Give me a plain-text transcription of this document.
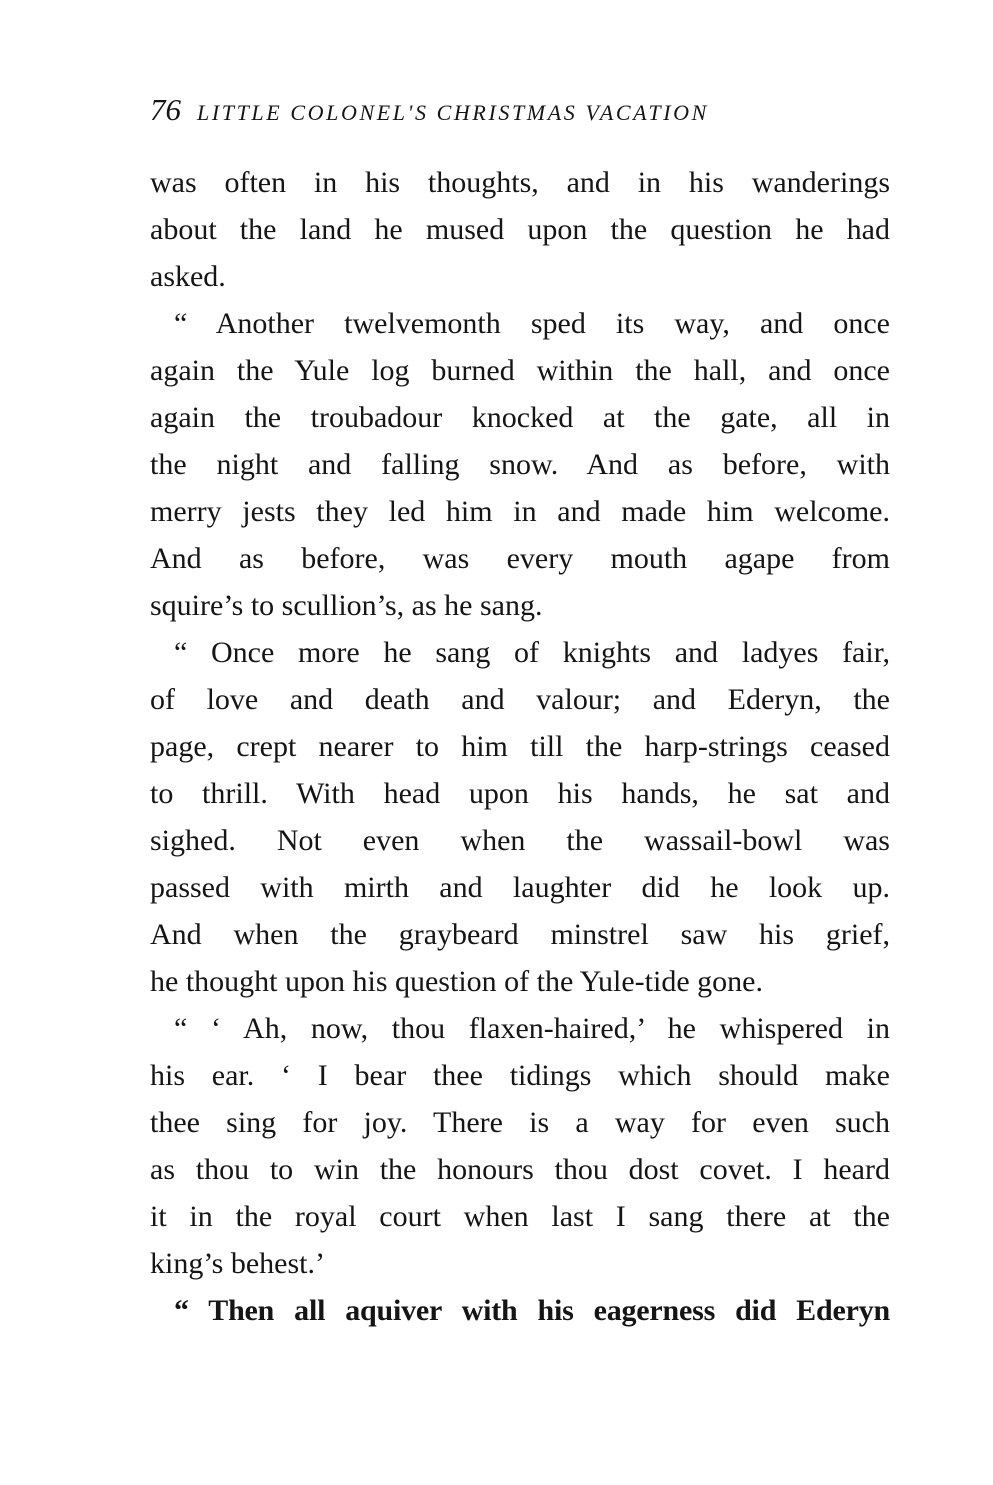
76 LITTLE COLONEL'S CHRISTMAS VACATION
was often in his thoughts, and in his wanderings
about the land he mused upon the question he had
asked.
“ Another twelvemonth sped its way, and once
again the Yule log burned within the hall, and once
again the troubadour knocked at the gate, all in
the night and falling snow. And as before, with
merry jests they led him in and made him welcome.
And as before, was every mouth agape from
squire’s to scullion’s, as he sang.
“ Once more he sang of knights and ladyes fair,
of love and death and valour; and Ederyn, the
page, crept nearer to him till the harp-strings ceased
to thrill. With head upon his hands, he sat and
sighed. Not even when the wassail-bowl was
passed with mirth and laughter did he look up.
And when the graybeard minstrel saw his grief,
he thought upon his question of the Yule-tide gone.
“ ‘ Ah, now, thou flaxen-haired,’ he whispered in
his ear. ‘ I bear thee tidings which should make
thee sing for joy. There is a way for even such
as thou to win the honours thou dost covet. I heard
it in the royal court when last I sang there at the
king’s behest.’
“ Then all aquiver with his eagerness did Ederyn
